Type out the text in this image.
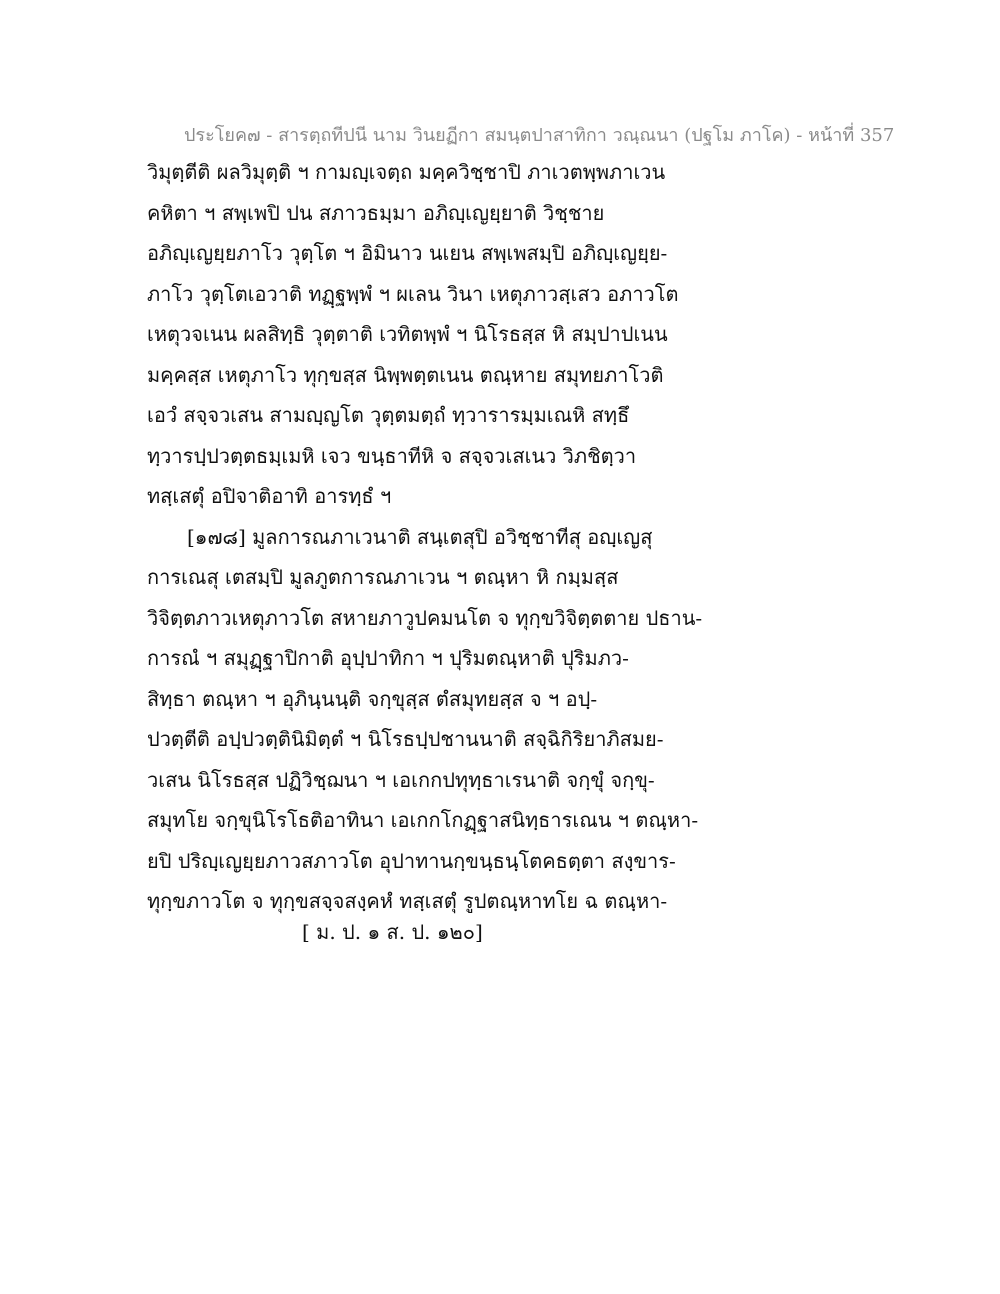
ประโยค๗ - สารตฺถทีปนี นาม วินยฏีกา สมนฺตปาสาทิกา วณฺณนา (ปฐโม ภาโค) - หน้าที่ 357
วิมุตฺตีติ ผลวิมุตฺติ ฯ กามญฺเจตฺถ มคฺควิชฺชาปิ ภาเวตพฺพภาเวน
คหิตา ฯ สพฺเพปิ ปน สภาวธมฺมา อภิญฺเญยฺยาติ วิชฺชาย
อภิญฺเญยฺยภาโว วุตฺโต ฯ อิมินาว นเยน สพฺเพสมฺปิ อภิญฺเญยฺย-
ภาโว วุตฺโตเอวาติ ทฏฺฐพฺพํ ฯ ผเลน วินา เหตุภาวสฺเสว อภาวโต
เหตุวจเนน ผลสิทฺธิ วุตฺตาติ เวทิตพฺพํ ฯ นิโรธสฺส หิ สมฺปาปเนน
มคฺคสฺส เหตุภาโว ทุกฺขสฺส นิพฺพตฺตเนน ตณฺหาย สมุทยภาโวติ
เอวํ สจฺจวเสน สามญฺญโต วุตฺตมตฺถํ ทฺวารารมฺมเณหิ สทฺธึ
ทฺวารปฺปวตฺตธมฺเมหิ เจว ขนฺธาทีหิ จ สจฺจวเสเนว วิภชิตฺวา
ทสฺเสตุํ อปิจาติอาทิ อารทฺธํ ฯ
[๑๗๘] มูลการณภาเวนาติ สนฺเตสุปิ อวิชฺชาทีสุ อญฺเญสุ
การเณสุ เตสมฺปิ มูลภูตการณภาเวน ฯ ตณฺหา หิ กมฺมสฺส
วิจิตฺตภาวเหตุภาวโต สหายภาวูปคมนโต จ ทุกฺขวิจิตฺตตาย ปธาน-
การณํ ฯ สมุฏฺฐาปิกาติ อุปฺปาทิกา ฯ ปุริมตณฺหาติ ปุริมภว-
สิทฺธา ตณฺหา ฯ อุภินฺนนฺติ จกฺขุสฺส ตํสมุทยสฺส จ ฯ อปฺ-
ปวตฺตีติ อปฺปวตฺตินิมิตฺตํ ฯ นิโรธปฺปชานนาติ สจฺฉิกิริยาภิสมย-
วเสน นิโรธสฺส ปฏิวิชฺฌนา ฯ เอเกกปทุทฺธาเรนาติ จกฺขุํ จกฺขุ-
สมุทโย จกฺขุนิโรโธติอาทินา เอเกกโกฏฺฐาสนิทฺธารเณน ฯ ตณฺหา-
ยปิ ปริญฺเญยฺยภาวสภาวโต อุปาทานกฺขนฺธนฺโตคธตฺตา สงฺขาร-
ทุกฺขภาวโต จ ทุกฺขสจฺจสงฺคหํ ทสฺเสตุํ รูปตณฺหาทโย ฉ ตณฺหา-
[ ม. ป. ๑ ส. ป. ๑๒๐]
